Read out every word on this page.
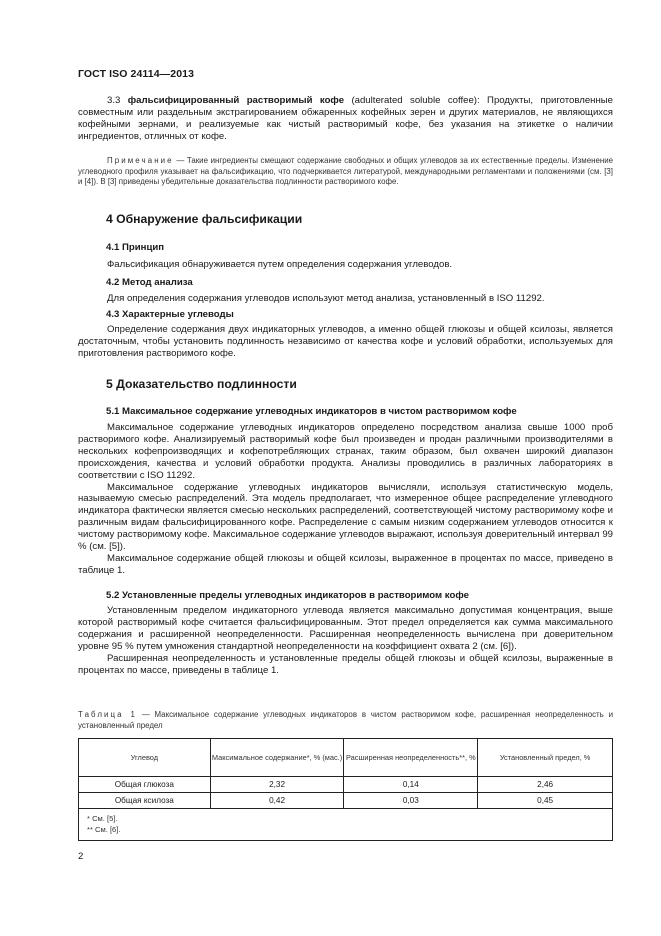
ГОСТ ISO 24114—2013

3.3 фальсифицированный растворимый кофе (adulterated soluble coffee): Продукты, приготовленные совместным или раздельным экстрагированием обжаренных кофейных зерен и других материалов, не являющихся кофейными зернами, и реализуемые как чистый растворимый кофе, без указания на этикетке о наличии ингредиентов, отличных от кофе.

Примечание — Такие ингредиенты смещают содержание свободных и общих углеводов за их естественные пределы. Изменение углеводного профиля указывает на фальсификацию, что подчеркивается литературой, международными регламентами и положениями (см. [3] и [4]). В [3] приведены убедительные доказательства подлинности растворимого кофе.

4 Обнаружение фальсификации
4.1 Принцип

Фальсификация обнаруживается путем определения содержания углеводов.

4.2 Метод анализа

Для определения содержания углеводов используют метод анализа, установленный в ISO 11292.

4.3 Характерные углеводы

Определение содержания двух индикаторных углеводов, а именно общей глюкозы и общей ксилозы, является достаточным, чтобы установить подлинность независимо от качества кофе и условий обработки, используемых для приготовления растворимого кофе.

5 Доказательство подлинности
5.1 Максимальное содержание углеводных индикаторов в чистом растворимом кофе

Максимальное содержание углеводных индикаторов определено посредством анализа свыше 1000 проб растворимого кофе. Анализируемый растворимый кофе был произведен и продан различными производителями в нескольких кофепроизводящих и кофепотребляющих странах, таким образом, был охвачен широкий диапазон происхождения, качества и условий обработки продукта. Анализы проводились в различных лабораториях в соответствии с ISO 11292.

Максимальное содержание углеводных индикаторов вычисляли, используя статистическую модель, называемую смесью распределений. Эта модель предполагает, что измеренное общее распределение углеводного индикатора фактически является смесью нескольких распределений, соответствующей чистому растворимому кофе и различным видам фальсифицированного кофе. Распределение с самым низким содержанием углеводов относится к чистому растворимому кофе. Максимальное содержание углеводов выражают, используя доверительный интервал 99 % (см. [5]).

Максимальное содержание общей глюкозы и общей ксилозы, выраженное в процентах по массе, приведено в таблице 1.

5.2 Установленные пределы углеводных индикаторов в растворимом кофе

Установленным пределом индикаторного углевода является максимально допустимая концентрация, выше которой растворимый кофе считается фальсифицированным. Этот предел определяется как сумма максимального содержания и расширенной неопределенности. Расширенная неопределенность вычислена при доверительном уровне 95 % путем умножения стандартной неопределенности на коэффициент охвата 2 (см. [6]).

Расширенная неопределенность и установленные пределы общей глюкозы и общей ксилозы, выраженные в процентах по массе, приведены в таблице 1.

Таблица 1 — Максимальное содержание углеводных индикаторов в чистом растворимом кофе, расширенная неопределенность и установленный предел

Углевод	Максимальное содержание*, % (мас.)	Расширенная неопределенность**, %	Установленный предел, %
Общая глюкоза	2,32	0,14	2,46
Общая ксилоза	0,42	0,03	0,45

* См. [5].
** См. [6].			
2
